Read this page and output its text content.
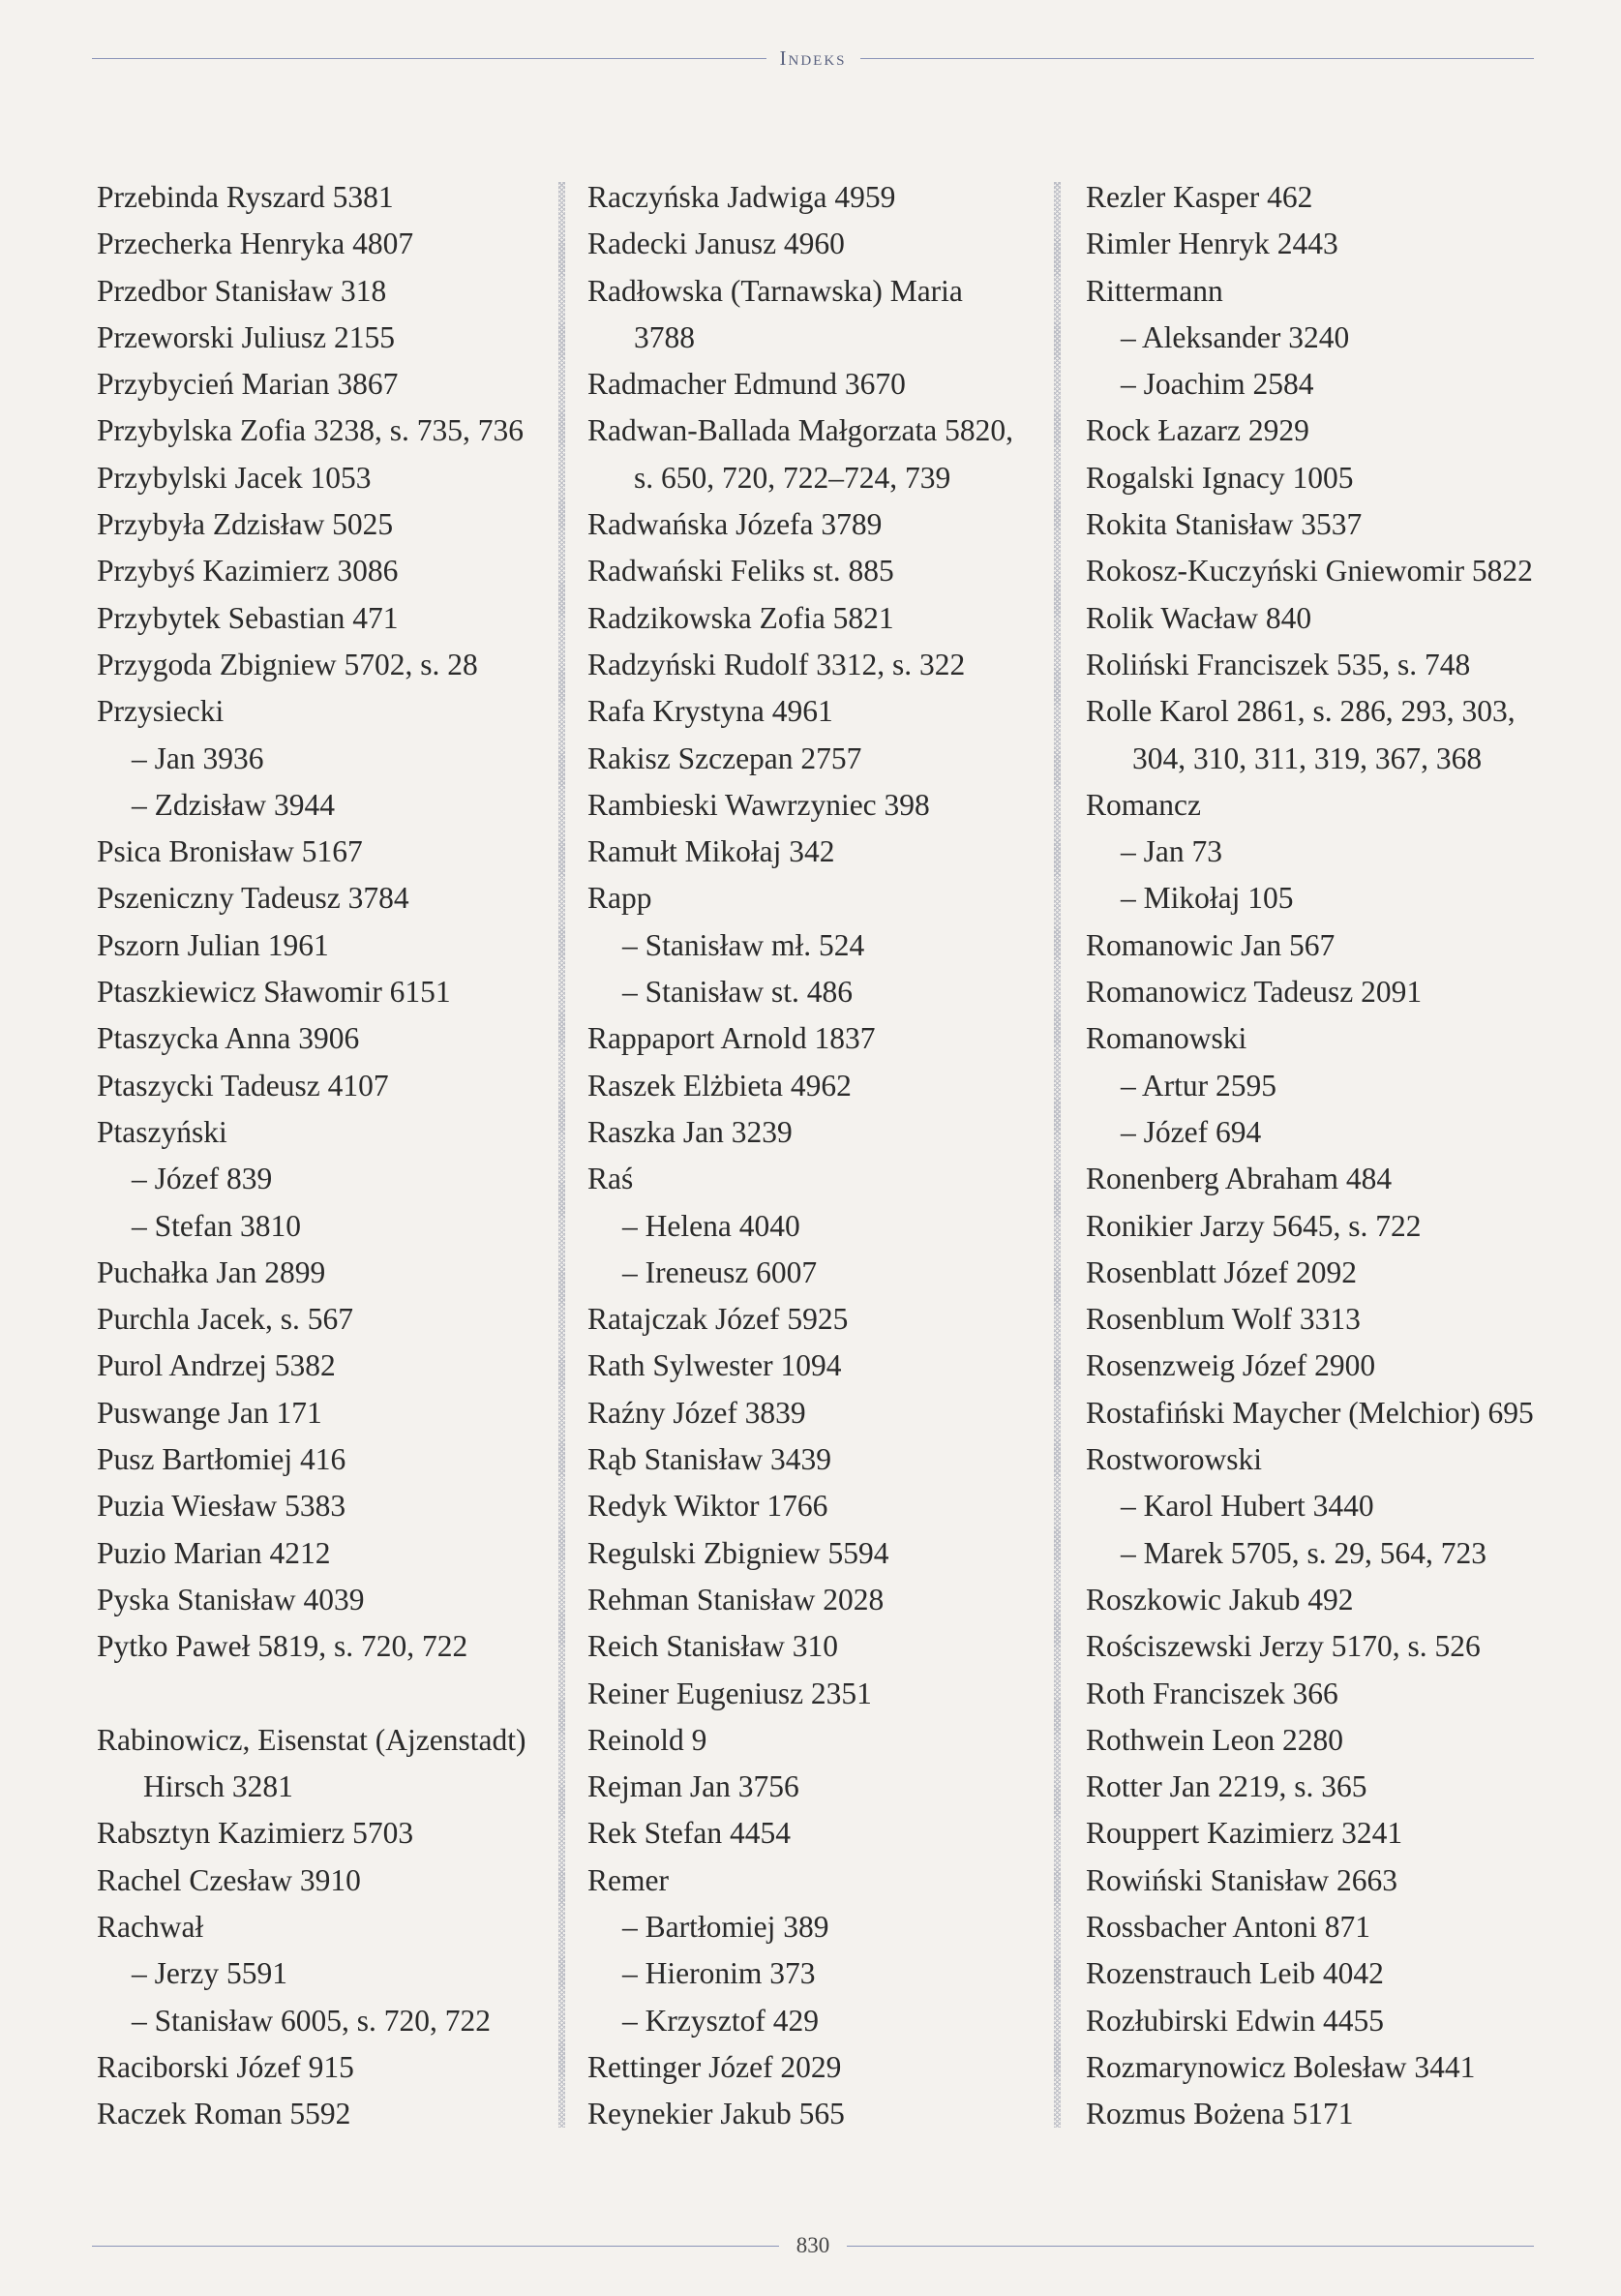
Indeks
Przebinda Ryszard 5381
Przecherka Henryka 4807
Przedbor Stanisław 318
Przeworski Juliusz 2155
Przybycień Marian 3867
Przybylska Zofia 3238, s. 735, 736
Przybylski Jacek 1053
Przybyła Zdzisław 5025
Przybyś Kazimierz 3086
Przybytek Sebastian 471
Przygoda Zbigniew 5702, s. 28
Przysiecki
– Jan 3936
– Zdzisław 3944
Psica Bronisław 5167
Pszeniczny Tadeusz 3784
Pszorn Julian 1961
Ptaszkiewicz Sławomir 6151
Ptaszycka Anna 3906
Ptaszycki Tadeusz 4107
Ptaszyński
– Józef 839
– Stefan 3810
Puchałka Jan 2899
Purchla Jacek, s. 567
Purol Andrzej 5382
Puswange Jan 171
Pusz Bartłomiej 416
Puzia Wiesław 5383
Puzio Marian 4212
Pyska Stanisław 4039
Pytko Paweł 5819, s. 720, 722
Rabinowicz, Eisenstat (Ajzenstadt)
Hirsch 3281
Rabsztyn Kazimierz 5703
Rachel Czesław 3910
Rachwał
– Jerzy 5591
– Stanisław 6005, s. 720, 722
Raciborski Józef 915
Raczek Roman 5592
Raczyńska Jadwiga 4959
Radecki Janusz 4960
Radłowska (Tarnawska) Maria
3788
Radmacher Edmund 3670
Radwan-Ballada Małgorzata 5820,
s. 650, 720, 722–724, 739
Radwańska Józefa 3789
Radwański Feliks st. 885
Radzikowska Zofia 5821
Radzyński Rudolf 3312, s. 322
Rafa Krystyna 4961
Rakisz Szczepan 2757
Rambieski Wawrzyniec 398
Ramułt Mikołaj 342
Rapp
– Stanisław mł. 524
– Stanisław st. 486
Rappaport Arnold 1837
Raszek Elżbieta 4962
Raszka Jan 3239
Raś
– Helena 4040
– Ireneusz 6007
Ratajczak Józef 5925
Rath Sylwester 1094
Raźny Józef 3839
Rąb Stanisław 3439
Redyk Wiktor 1766
Regulski Zbigniew 5594
Rehman Stanisław 2028
Reich Stanisław 310
Reiner Eugeniusz 2351
Reinold 9
Rejman Jan 3756
Rek Stefan 4454
Remer
– Bartłomiej 389
– Hieronim 373
– Krzysztof 429
Rettinger Józef 2029
Reynekier Jakub 565
Rezler Kasper 462
Rimler Henryk 2443
Rittermann
– Aleksander 3240
– Joachim 2584
Rock Łazarz 2929
Rogalski Ignacy 1005
Rokita Stanisław 3537
Rokosz-Kuczyński Gniewomir 5822
Rolik Wacław 840
Roliński Franciszek 535, s. 748
Rolle Karol 2861, s. 286, 293, 303,
304, 310, 311, 319, 367, 368
Romancz
– Jan 73
– Mikołaj 105
Romanowic Jan 567
Romanowicz Tadeusz 2091
Romanowski
– Artur 2595
– Józef 694
Ronenberg Abraham 484
Ronikier Jarzy 5645, s. 722
Rosenblatt Józef 2092
Rosenblum Wolf 3313
Rosenzweig Józef 2900
Rostafiński Maycher (Melchior) 695
Rostworowski
– Karol Hubert 3440
– Marek 5705, s. 29, 564, 723
Roszkowic Jakub 492
Rościszewski Jerzy 5170, s. 526
Roth Franciszek 366
Rothwein Leon 2280
Rotter Jan 2219, s. 365
Rouppert Kazimierz 3241
Rowiński Stanisław 2663
Rossbacher Antoni 871
Rozenstrauch Leib 4042
Rozłubirski Edwin 4455
Rozmarynowicz Bolesław 3441
Rozmus Bożena 5171
830
